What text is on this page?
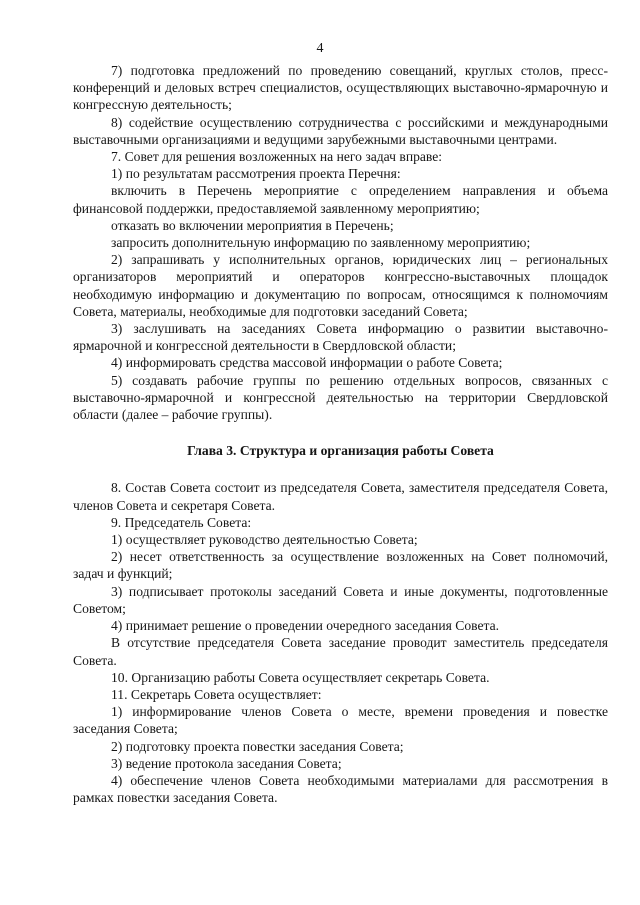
4

7) подготовка предложений по проведению совещаний, круглых столов, пресс-конференций и деловых встреч специалистов, осуществляющих выставочно-ярмарочную и конгрессную деятельность;

8) содействие осуществлению сотрудничества с российскими и международными выставочными организациями и ведущими зарубежными выставочными центрами.

7. Совет для решения возложенных на него задач вправе:

1) по результатам рассмотрения проекта Перечня:

включить в Перечень мероприятие с определением направления и объема финансовой поддержки, предоставляемой заявленному мероприятию;

отказать во включении мероприятия в Перечень;

запросить дополнительную информацию по заявленному мероприятию;

2) запрашивать у исполнительных органов, юридических лиц – региональных организаторов мероприятий и операторов конгрессно-выставочных площадок необходимую информацию и документацию по вопросам, относящимся к полномочиям Совета, материалы, необходимые для подготовки заседаний Совета;

3) заслушивать на заседаниях Совета информацию о развитии выставочно-ярмарочной и конгрессной деятельности в Свердловской области;

4) информировать средства массовой информации о работе Совета;

5) создавать рабочие группы по решению отдельных вопросов, связанных с выставочно-ярмарочной и конгрессной деятельностью на территории Свердловской области (далее – рабочие группы).

Глава 3. Структура и организация работы Совета

8. Состав Совета состоит из председателя Совета, заместителя председателя Совета, членов Совета и секретаря Совета.

9. Председатель Совета:

1) осуществляет руководство деятельностью Совета;

2) несет ответственность за осуществление возложенных на Совет полномочий, задач и функций;

3) подписывает протоколы заседаний Совета и иные документы, подготовленные Советом;

4) принимает решение о проведении очередного заседания Совета.

В отсутствие председателя Совета заседание проводит заместитель председателя Совета.

10. Организацию работы Совета осуществляет секретарь Совета.

11. Секретарь Совета осуществляет:

1) информирование членов Совета о месте, времени проведения и повестке заседания Совета;

2) подготовку проекта повестки заседания Совета;

3) ведение протокола заседания Совета;

4) обеспечение членов Совета необходимыми материалами для рассмотрения в рамках повестки заседания Совета.
